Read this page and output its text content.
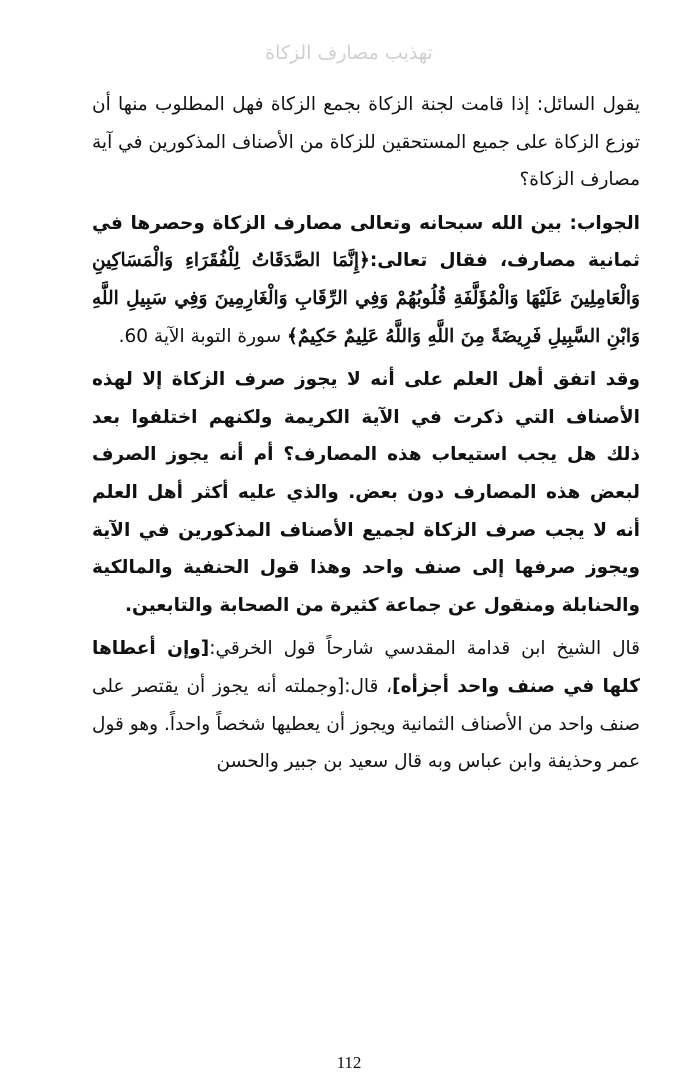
تهذيب مصارف الزكاة

يقول السائل: إذا قامت لجنة الزكاة بجمع الزكاة فهل المطلوب منها أن توزع الزكاة على جميع المستحقين للزكاة من الأصناف المذكورين في آية مصارف الزكاة؟

الجواب: بين الله سبحانه وتعالى مصارف الزكاة وحصرها في ثمانية مصارف، فقال تعالى:﴿إِنَّمَا الصَّدَقَاتُ لِلْفُقَرَاءِ وَالْمَسَاكِينِ وَالْعَامِلِينَ عَلَيْهَا وَالْمُؤَلَّفَةِ قُلُوبُهُمْ وَفِي الرِّقَابِ وَالْغَارِمِينَ وَفِي سَبِيلِ اللَّهِ وَابْنِ السَّبِيلِ فَرِيضَةً مِنَ اللَّهِ وَاللَّهُ عَلِيمٌ حَكِيمٌ﴾ سورة التوبة الآية 60.

وقد اتفق أهل العلم على أنه لا يجوز صرف الزكاة إلا لهذه الأصناف التي ذكرت في الآية الكريمة ولكنهم اختلفوا بعد ذلك هل يجب استيعاب هذه المصارف؟ أم أنه يجوز الصرف لبعض هذه المصارف دون بعض. والذي عليه أكثر أهل العلم أنه لا يجب صرف الزكاة لجميع الأصناف المذكورين في الآية ويجوز صرفها إلى صنف واحد وهذا قول الحنفية والمالكية والحنابلة ومنقول عن جماعة كثيرة من الصحابة والتابعين.

قال الشيخ ابن قدامة المقدسي شارحاً قول الخرقي:[وإن أعطاها كلها في صنف واحد أجزأه]، قال:[وجملته أنه يجوز أن يقتصر على صنف واحد من الأصناف الثمانية ويجوز أن يعطيها شخصاً واحداً. وهو قول عمر وحذيفة وابن عباس وبه قال سعيد بن جبير والحسن

112
